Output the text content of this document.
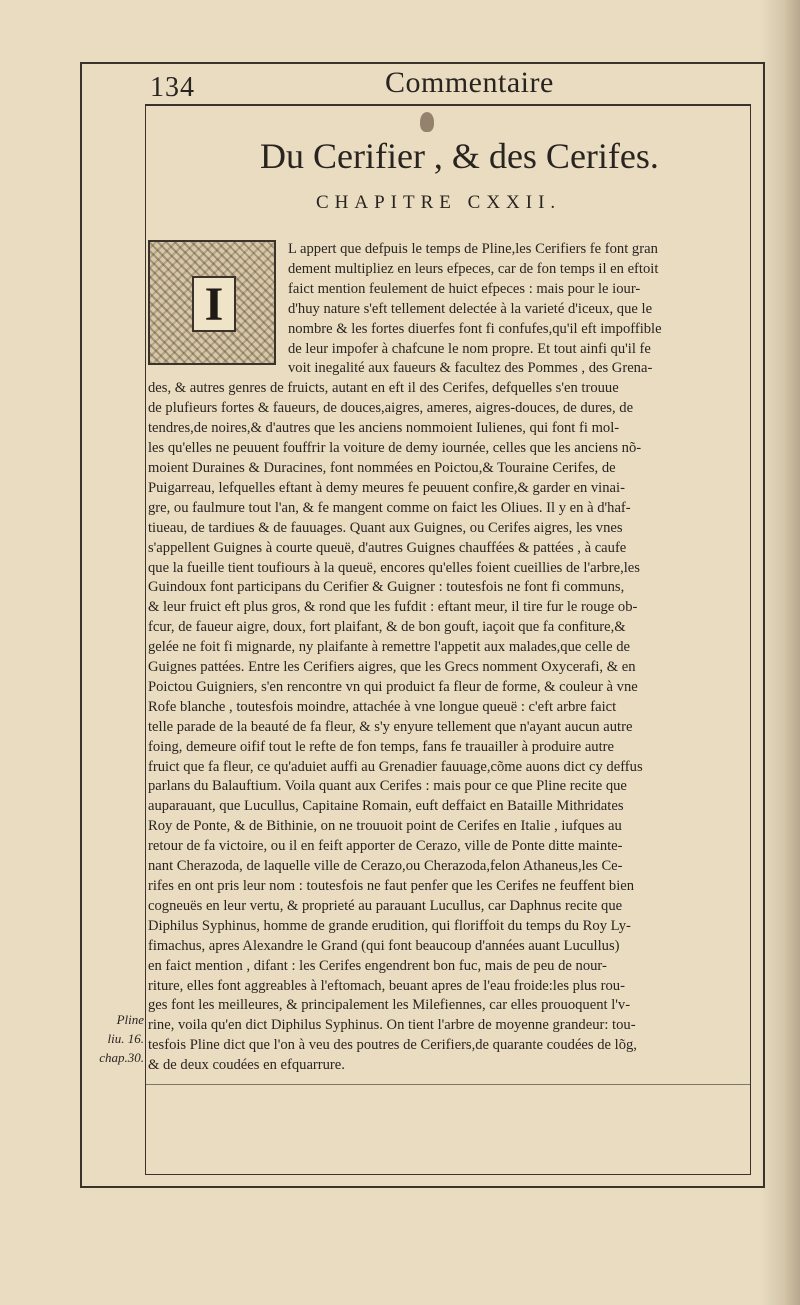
134	Commentaire
Du Cerifier , & des Cerifes.
CHAPITRE CXXII.
I
L appert que defpuis le temps de Pline,les Cerifiers fe font gran
dement multipliez en leurs efpeces, car de fon temps il en eftoit
faict mention feulement de huict efpeces : mais pour le iour-
d'huy nature s'eft tellement delectée à la varieté d'iceux, que le
nombre & les fortes diuerfes font fi confufes,qu'il eft impoffible
de leur impofer à chafcune le nom propre. Et tout ainfi qu'il fe
voit inegalité aux faueurs & facultez des Pommes , des Grena-
des, & autres genres de fruicts, autant en eft il des Cerifes, defquelles s'en trouue
de plufieurs fortes & faueurs, de douces,aigres, ameres, aigres-douces, de dures, de
tendres,de noires,& d'autres que les anciens nommoient Iulienes, qui font fi mol-
les qu'elles ne peuuent fouffrir la voiture de demy iournée, celles que les anciens nõ-
moient Duraines & Duracines, font nommées en Poictou,& Touraine Cerifes, de
Puigarreau, lefquelles eftant à demy meures fe peuuent confire,& garder en vinai-
gre, ou faulmure tout l'an, & fe mangent comme on faict les Oliues. Il y en à d'haf-
tiueau, de tardiues & de fauuages. Quant aux Guignes, ou Cerifes aigres, les vnes
s'appellent Guignes à courte queuë, d'autres Guignes chauffées & pattées , à caufe
que la fueille tient toufiours à la queuë, encores qu'elles foient cueillies de l'arbre,les
Guindoux font participans du Cerifier & Guigner : toutesfois ne font fi communs,
& leur fruict eft plus gros, & rond que les fufdit : eftant meur, il tire fur le rouge ob-
fcur, de faueur aigre, doux, fort plaifant, & de bon gouft, iaçoit que fa confiture,&
gelée ne foit fi mignarde, ny plaifante à remettre l'appetit aux malades,que celle de
Guignes pattées. Entre les Cerifiers aigres, que les Grecs nomment Oxycerafi, & en
Poictou Guigniers, s'en rencontre vn qui produict fa fleur de forme, & couleur à vne
Rofe blanche , toutesfois moindre, attachée à vne longue queuë : c'eft arbre faict
telle parade de la beauté de fa fleur, & s'y enyure tellement que n'ayant aucun autre
foing, demeure oifif tout le refte de fon temps, fans fe trauailler à produire autre
fruict que fa fleur, ce qu'aduiet auffi au Grenadier fauuage,cõme auons dict cy deffus
parlans du Balauftium. Voila quant aux Cerifes : mais pour ce que Pline recite que
auparauant, que Lucullus, Capitaine Romain, euft deffaict en Bataille Mithridates
Roy de Ponte, & de Bithinie, on ne trouuoit point de Cerifes en Italie , iufques au
retour de fa victoire, ou il en feift apporter de Cerazo, ville de Ponte ditte mainte-
nant Cherazoda, de laquelle ville de Cerazo,ou Cherazoda,felon Athaneus,les Ce-
rifes en ont pris leur nom : toutesfois ne faut penfer que les Cerifes ne feuffent bien
cogneuës en leur vertu, & proprieté au parauant Lucullus, car Daphnus recite que
Diphilus Syphinus, homme de grande erudition, qui floriffoit du temps du Roy Ly-
fimachus, apres Alexandre le Grand (qui font beaucoup d'années auant Lucullus)
en faict mention , difant : les Cerifes engendrent bon fuc, mais de peu de nour-
riture, elles font aggreables à l'eftomach, beuant apres de l'eau froide:les plus rou-
ges font les meilleures, & principalement les Milefiennes, car elles prouoquent l'v-
rine, voila qu'en dict Diphilus Syphinus. On tient l'arbre de moyenne grandeur: tou-
tesfois Pline dict que l'on à veu des poutres de Cerifiers,de quarante coudées de lõg,
& de deux coudées en efquarrure.
Pline
liu. 16.
chap.30.
